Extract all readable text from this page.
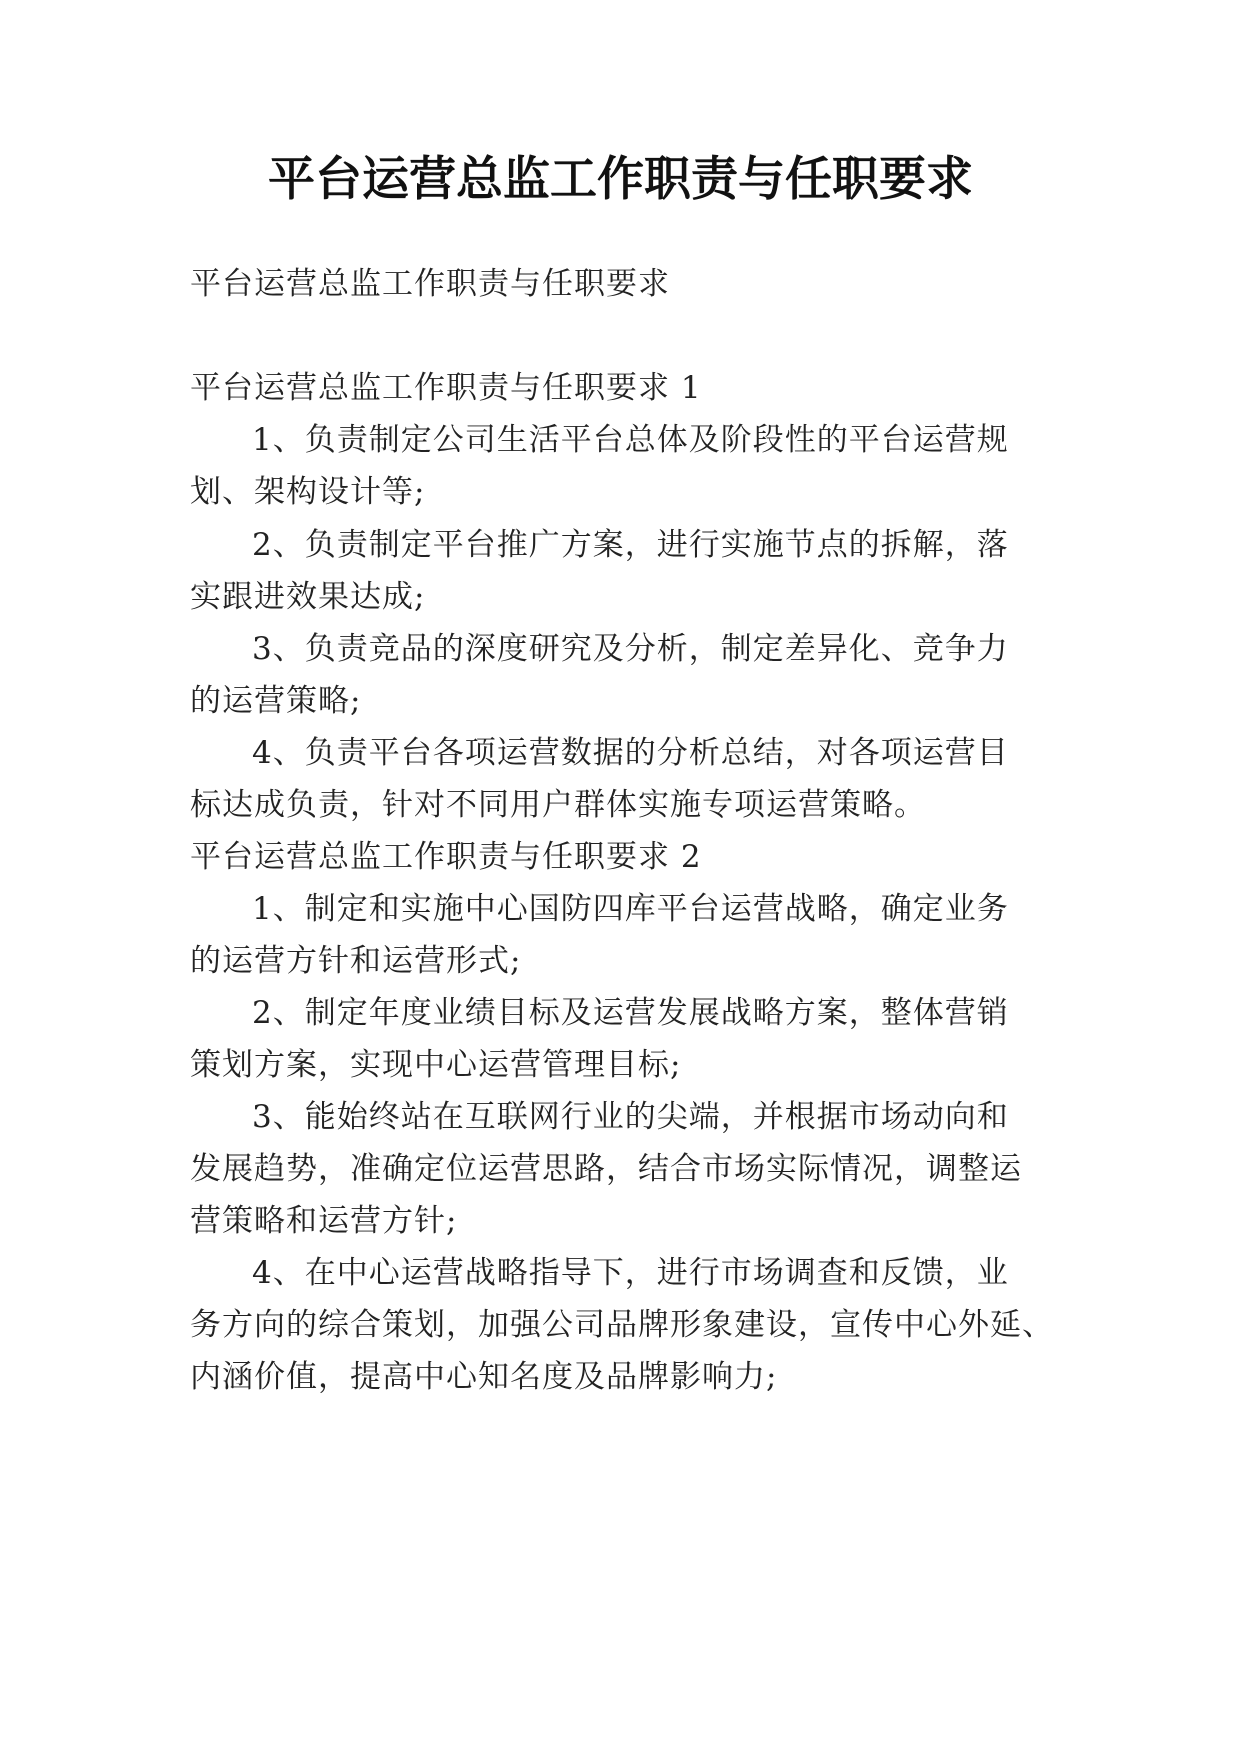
平台运营总监工作职责与任职要求
平台运营总监工作职责与任职要求
平台运营总监工作职责与任职要求 1
1、负责制定公司生活平台总体及阶段性的平台运营规
划、架构设计等;
2、负责制定平台推广方案，进行实施节点的拆解，落
实跟进效果达成;
3、负责竞品的深度研究及分析，制定差异化、竞争力
的运营策略;
4、负责平台各项运营数据的分析总结，对各项运营目
标达成负责，针对不同用户群体实施专项运营策略。
平台运营总监工作职责与任职要求 2
1、制定和实施中心国防四库平台运营战略，确定业务
的运营方针和运营形式;
2、制定年度业绩目标及运营发展战略方案，整体营销
策划方案，实现中心运营管理目标;
3、能始终站在互联网行业的尖端，并根据市场动向和
发展趋势，准确定位运营思路，结合市场实际情况，调整运
营策略和运营方针;
4、在中心运营战略指导下，进行市场调查和反馈，业
务方向的综合策划，加强公司品牌形象建设，宣传中心外延、
内涵价值，提高中心知名度及品牌影响力;
